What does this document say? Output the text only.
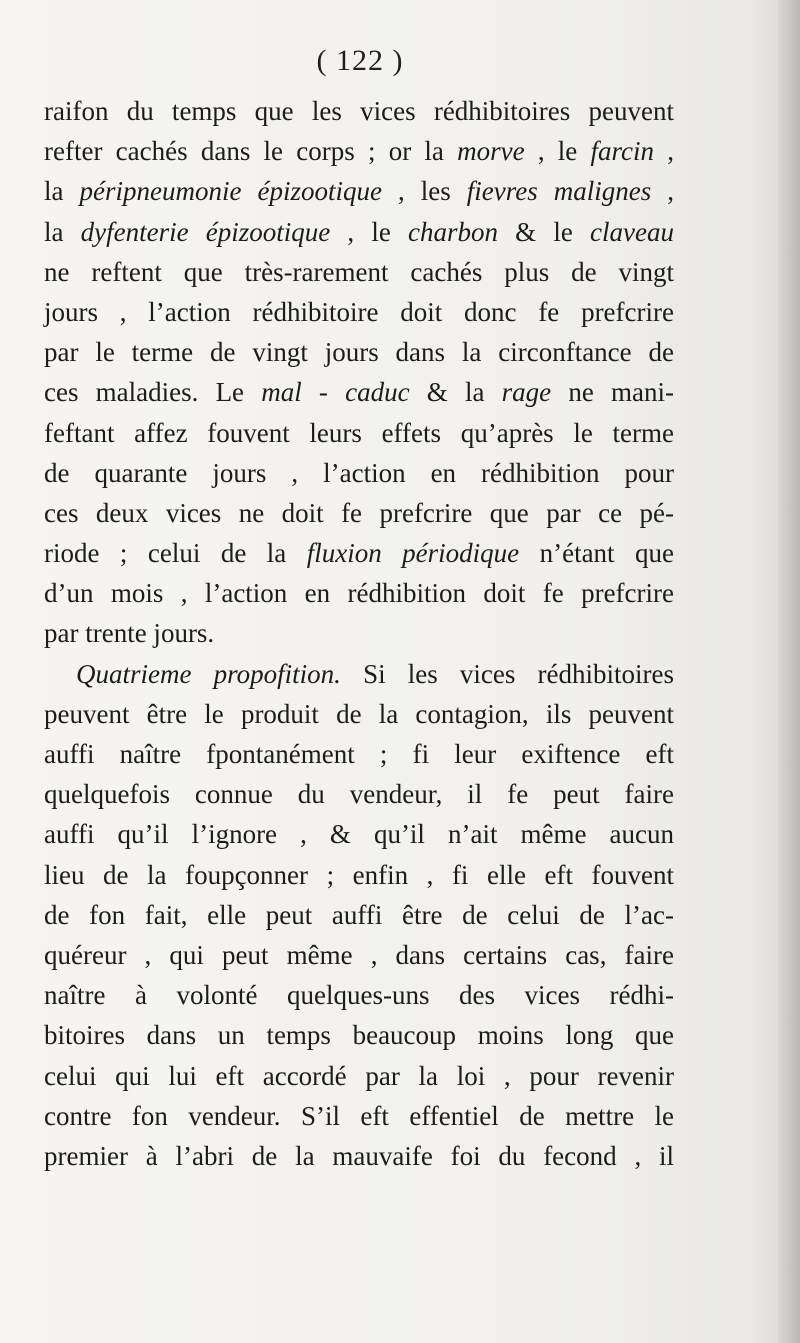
( 122 )
raifon du temps que les vices rédhibitoires peuvent
refter cachés dans le corps ; or la morve , le farcin ,
la péripneumonie épizootique , les fievres malignes ,
la dyfenterie épizootique , le charbon & le claveau
ne reftent que très-rarement cachés plus de vingt
jours , l’action rédhibitoire doit donc fe prefcrire
par le terme de vingt jours dans la circonftance de
ces maladies. Le mal - caduc & la rage ne mani-
feftant affez fouvent leurs effets qu’après le terme
de quarante jours , l’action en rédhibition pour
ces deux vices ne doit fe prefcrire que par ce pé-
riode ; celui de la fluxion périodique n’étant que
d’un mois , l’action en rédhibition doit fe prefcrire
par trente jours.
Quatrieme propofition. Si les vices rédhibitoires
peuvent être le produit de la contagion, ils peuvent
auffi naître fpontanément ; fi leur exiftence eft
quelquefois connue du vendeur, il fe peut faire
auffi qu’il l’ignore , & qu’il n’ait même aucun
lieu de la foupçonner ; enfin , fi elle eft fouvent
de fon fait, elle peut auffi être de celui de l’ac-
quéreur , qui peut même , dans certains cas, faire
naître à volonté quelques-uns des vices rédhi-
bitoires dans un temps beaucoup moins long que
celui qui lui eft accordé par la loi , pour revenir
contre fon vendeur. S’il eft effentiel de mettre le
premier à l’abri de la mauvaife foi du fecond , il
